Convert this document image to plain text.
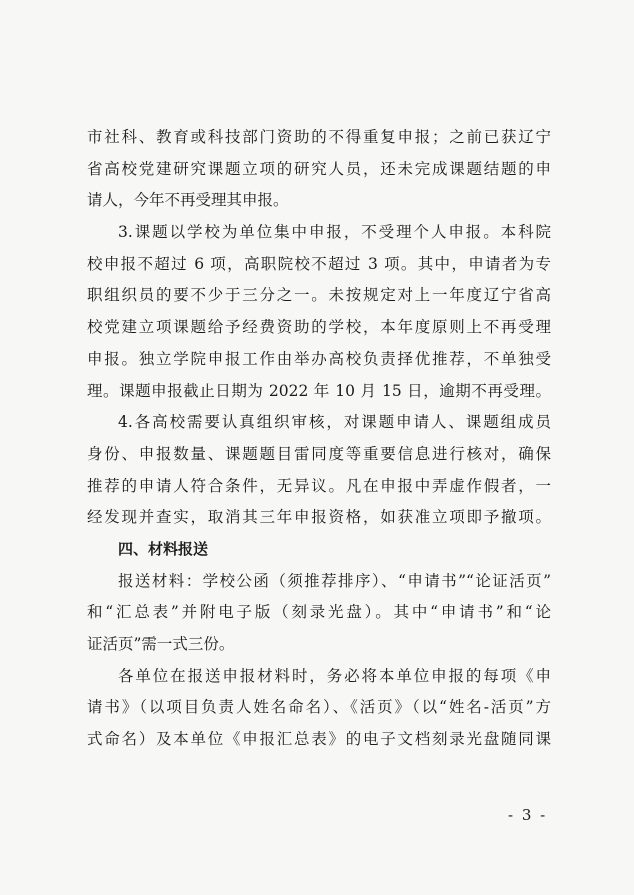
市社科、教育或科技部门资助的不得重复申报；之前已获辽宁
省高校党建研究课题立项的研究人员，还未完成课题结题的申
请人，今年不再受理其申报。
3.课题以学校为单位集中申报，不受理个人申报。本科院
校申报不超过 6 项，高职院校不超过 3 项。其中，申请者为专
职组织员的要不少于三分之一。未按规定对上一年度辽宁省高
校党建立项课题给予经费资助的学校，本年度原则上不再受理
申报。独立学院申报工作由举办高校负责择优推荐，不单独受
理。课题申报截止日期为 2022 年 10 月 15 日，逾期不再受理。
4.各高校需要认真组织审核，对课题申请人、课题组成员
身份、申报数量、课题题目雷同度等重要信息进行核对，确保
推荐的申请人符合条件，无异议。凡在申报中弄虚作假者，一
经发现并查实，取消其三年申报资格，如获准立项即予撤项。
四、材料报送
报送材料：学校公函（须推荐排序）、“申请书”“论证活页”
和“汇总表”并附电子版（刻录光盘）。其中“申请书”和“论
证活页”需一式三份。
各单位在报送申报材料时，务必将本单位申报的每项《申
请书》（以项目负责人姓名命名）、《活页》（以“姓名-活页”方
式命名）及本单位《申报汇总表》的电子文档刻录光盘随同课
- 3 -
